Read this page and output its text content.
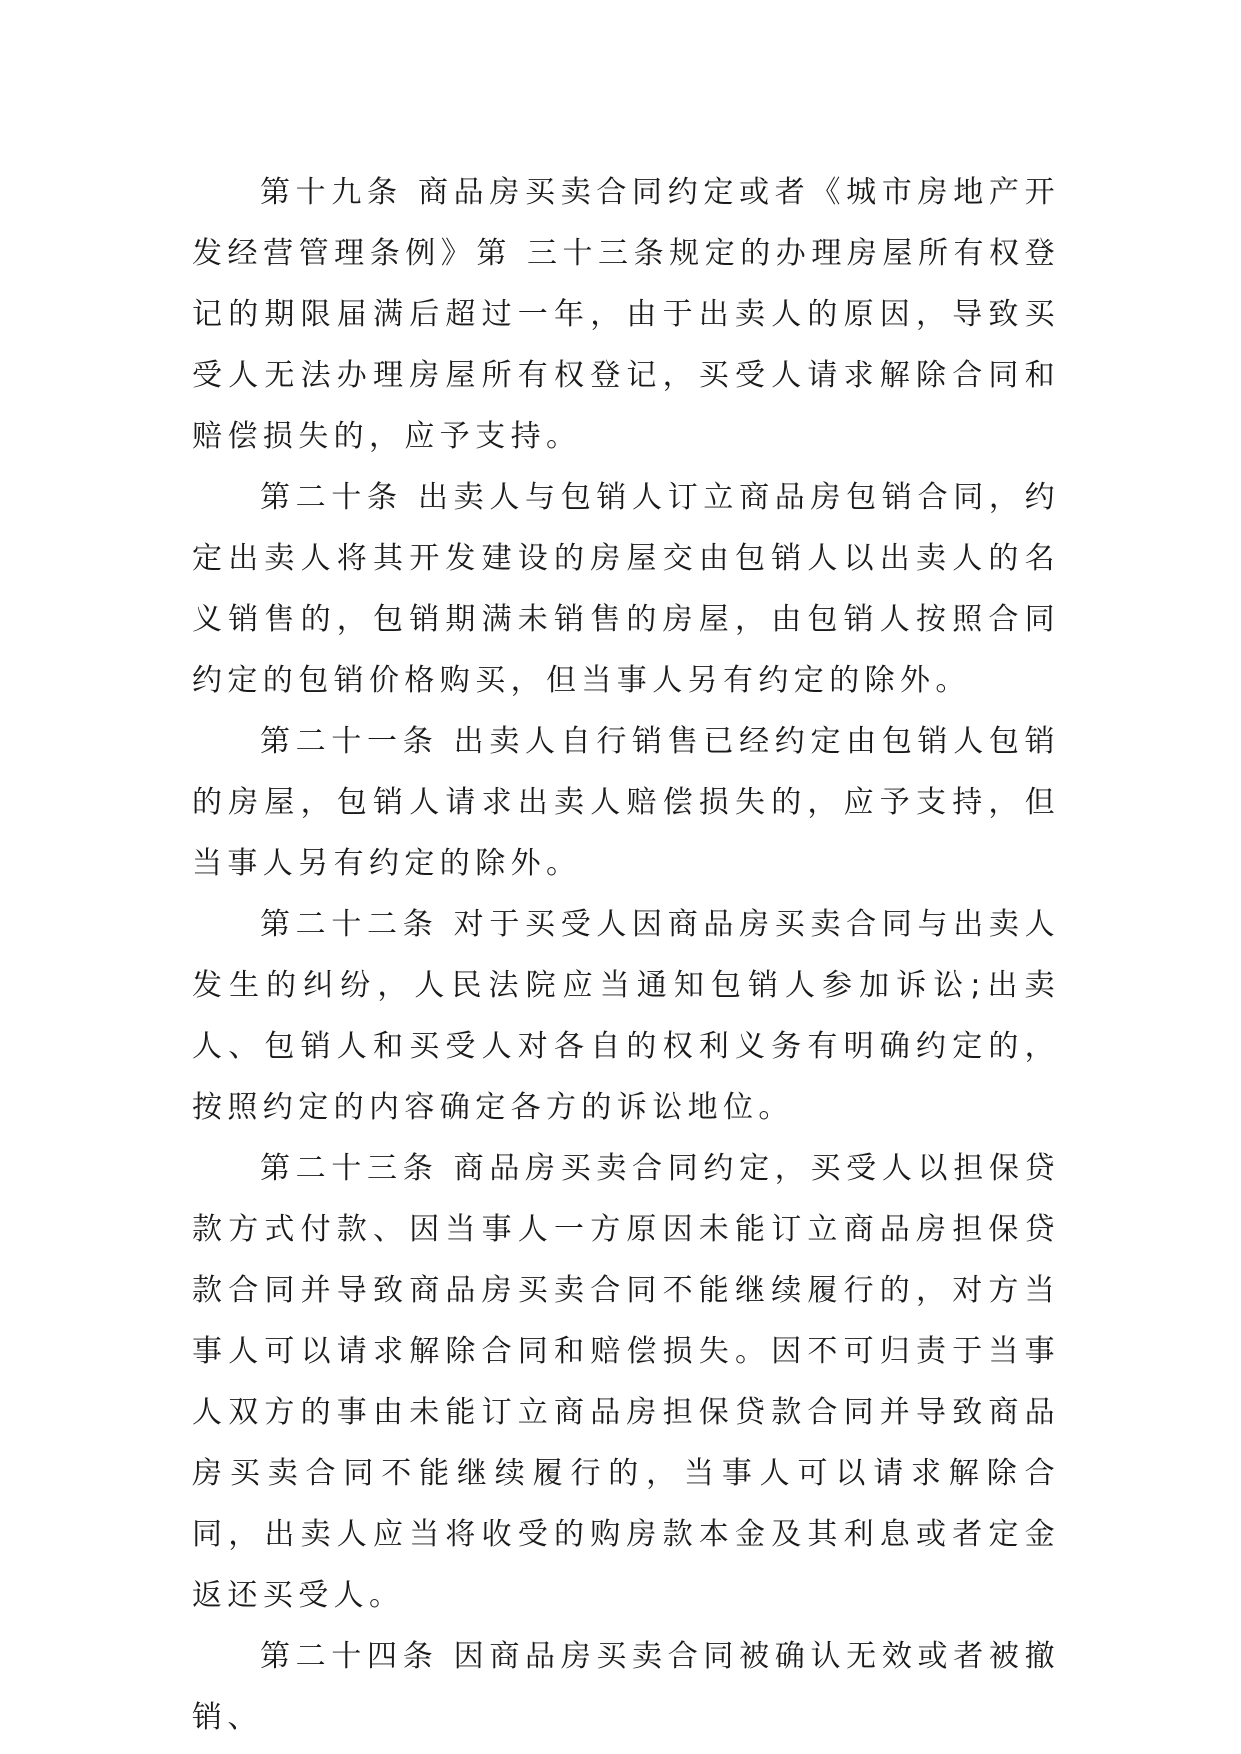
第十九条 商品房买卖合同约定或者《城市房地产开发经营管理条例》第 三十三条规定的办理房屋所有权登记的期限届满后超过一年，由于出卖人的原因，导致买受人无法办理房屋所有权登记，买受人请求解除合同和赔偿损失的，应予支持。

第二十条 出卖人与包销人订立商品房包销合同，约定出卖人将其开发建设的房屋交由包销人以出卖人的名义销售的，包销期满未销售的房屋，由包销人按照合同约定的包销价格购买，但当事人另有约定的除外。

第二十一条 出卖人自行销售已经约定由包销人包销的房屋，包销人请求出卖人赔偿损失的，应予支持，但当事人另有约定的除外。

第二十二条 对于买受人因商品房买卖合同与出卖人发生的纠纷，人民法院应当通知包销人参加诉讼;出卖人、包销人和买受人对各自的权利义务有明确约定的，按照约定的内容确定各方的诉讼地位。

第二十三条 商品房买卖合同约定，买受人以担保贷款方式付款、因当事人一方原因未能订立商品房担保贷款合同并导致商品房买卖合同不能继续履行的，对方当事人可以请求解除合同和赔偿损失。因不可归责于当事人双方的事由未能订立商品房担保贷款合同并导致商品房买卖合同不能继续履行的，当事人可以请求解除合同，出卖人应当将收受的购房款本金及其利息或者定金返还买受人。

第二十四条 因商品房买卖合同被确认无效或者被撤销、
